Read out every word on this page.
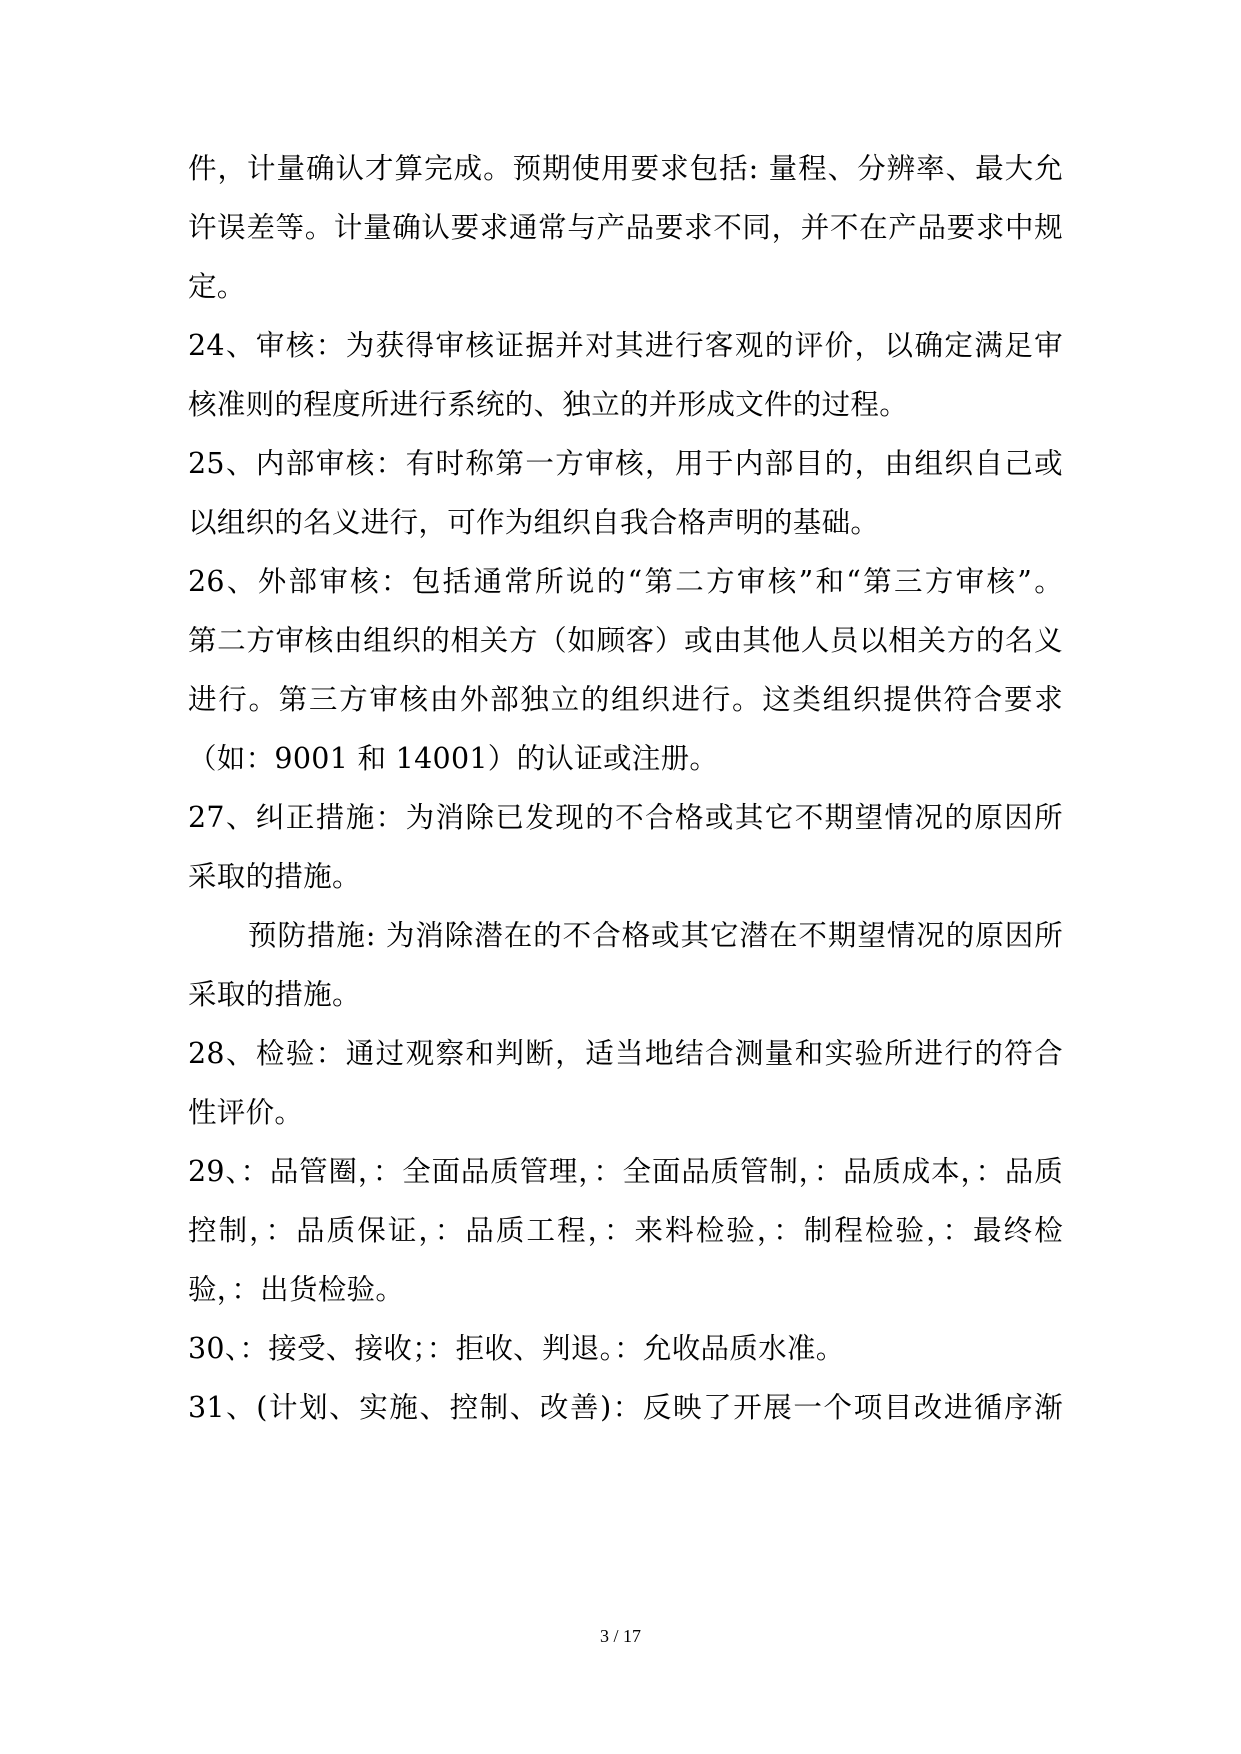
件，计量确认才算完成。预期使用要求包括: 量程、分辨率、最大允
许误差等。计量确认要求通常与产品要求不同，并不在产品要求中规
定。
24、审核：为获得审核证据并对其进行客观的评价，以确定满足审
核准则的程度所进行系统的、独立的并形成文件的过程。
25、内部审核：有时称第一方审核，用于内部目的，由组织自己或
以组织的名义进行，可作为组织自我合格声明的基础。
26、外部审核：包括通常所说的“第二方审核”和“第三方审核”。
第二方审核由组织的相关方（如顾客）或由其他人员以相关方的名义
进行。第三方审核由外部独立的组织进行。这类组织提供符合要求
（如：9001 和 14001）的认证或注册。
27、纠正措施：为消除已发现的不合格或其它不期望情况的原因所
采取的措施。
预防措施: 为消除潜在的不合格或其它潜在不期望情况的原因所
采取的措施。
28、检验：通过观察和判断，适当地结合测量和实验所进行的符合
性评价。
29、：品管圈，：全面品质管理，：全面品质管制，：品质成本，：品质
控制，：品质保证，：品质工程，：来料检验，：制程检验，：最终检
验，：出货检验。
30、：接受、接收；：拒收、判退。：允收品质水准。
31、(计划、实施、控制、改善)：反映了开展一个项目改进循序渐
3 / 17
